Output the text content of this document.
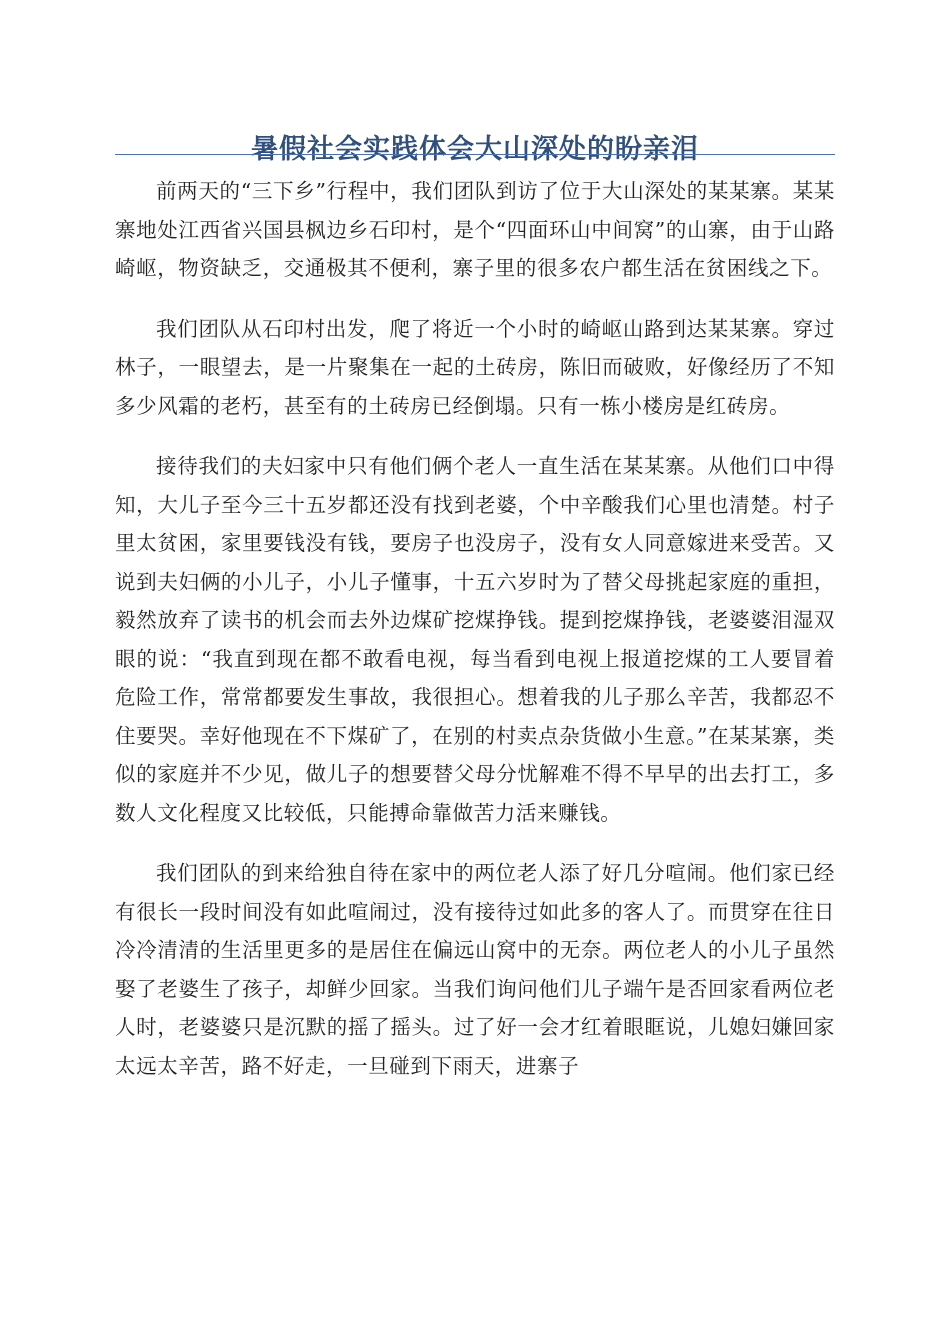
暑假社会实践体会大山深处的盼亲泪

前两天的“三下乡”行程中，我们团队到访了位于大山深处的某某寨。某某寨地处江西省兴国县枫边乡石印村，是个“四面环山中间窝”的山寨，由于山路崎岖，物资缺乏，交通极其不便利，寨子里的很多农户都生活在贫困线之下。

我们团队从石印村出发，爬了将近一个小时的崎岖山路到达某某寨。穿过林子，一眼望去，是一片聚集在一起的土砖房，陈旧而破败，好像经历了不知多少风霜的老朽，甚至有的土砖房已经倒塌。只有一栋小楼房是红砖房。

接待我们的夫妇家中只有他们俩个老人一直生活在某某寨。从他们口中得知，大儿子至今三十五岁都还没有找到老婆，个中辛酸我们心里也清楚。村子里太贫困，家里要钱没有钱，要房子也没房子，没有女人同意嫁进来受苦。又说到夫妇俩的小儿子，小儿子懂事，十五六岁时为了替父母挑起家庭的重担，毅然放弃了读书的机会而去外边煤矿挖煤挣钱。提到挖煤挣钱，老婆婆泪湿双眼的说：“我直到现在都不敢看电视，每当看到电视上报道挖煤的工人要冒着危险工作，常常都要发生事故，我很担心。想着我的儿子那么辛苦，我都忍不住要哭。幸好他现在不下煤矿了，在别的村卖点杂货做小生意。”在某某寨，类似的家庭并不少见，做儿子的想要替父母分忧解难不得不早早的出去打工，多数人文化程度又比较低，只能搏命靠做苦力活来赚钱。

我们团队的到来给独自待在家中的两位老人添了好几分喧闹。他们家已经有很长一段时间没有如此喧闹过，没有接待过如此多的客人了。而贯穿在往日冷冷清清的生活里更多的是居住在偏远山窝中的无奈。两位老人的小儿子虽然娶了老婆生了孩子，却鲜少回家。当我们询问他们儿子端午是否回家看两位老人时，老婆婆只是沉默的摇了摇头。过了好一会才红着眼眶说，儿媳妇嫌回家太远太辛苦，路不好走，一旦碰到下雨天，进寨子
